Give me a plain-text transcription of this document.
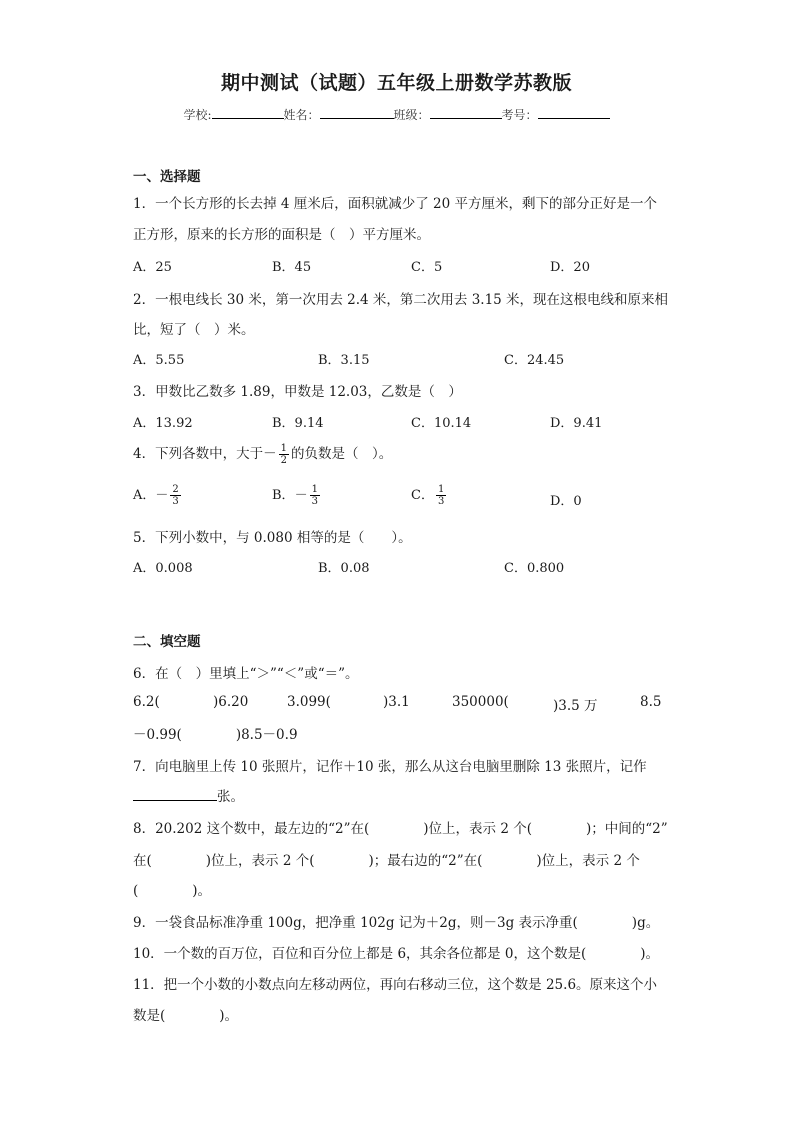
期中测试（试题）五年级上册数学苏教版
学校:	姓名：	班级：	考号：
一、选择题
1．一个长方形的长去掉 4 厘米后，面积就减少了 20 平方厘米，剩下的部分正好是一个
正方形，原来的长方形的面积是（　）平方厘米。
A．25	B．45	C．5	D．20
2．一根电线长 30 米，第一次用去 2.4 米，第二次用去 3.15 米，现在这根电线和原来相
比，短了（　）米。
A．5.55	B．3.15	C．24.45
3．甲数比乙数多 1.89，甲数是 12.03，乙数是（　）
A．13.92	B．9.14	C．10.14	D．9.41
4．下列各数中，大于－ $\frac{1}{2}$ 的负数是（　）。
A．－ $\frac{2}{3}$	B．－ $\frac{1}{3}$	C． $\frac{1}{3}$	D．0
5．下列小数中，与 0.080 相等的是（　　）。
A．0.008	B．0.08	C．0.800
二、填空题
6．在（　）里填上“＞”“＜”或“＝”。
6.2(	)6.20	3.099(	)3.1	350000(	)3.5 万	8.5
－0.99(　　　　)8.5－0.9
7．向电脑里上传 10 张照片，记作＋10 张，那么从这台电脑里删除 13 张照片，记作
张。
8．20.202 这个数中，最左边的“2”在(　　　　)位上，表示 2 个(　　　　)；中间的“2”
在(　　　　)位上，表示 2 个(　　　　)；最右边的“2”在(　　　　)位上，表示 2 个
(　　　　)。
9．一袋食品标准净重 100g，把净重 102g 记为＋2g，则－3g 表示净重(　　　　)g。
10．一个数的百万位，百位和百分位上都是 6，其余各位都是 0，这个数是(　　　　)。
11．把一个小数的小数点向左移动两位，再向右移动三位，这个数是 25.6。原来这个小
数是(　　　　)。
